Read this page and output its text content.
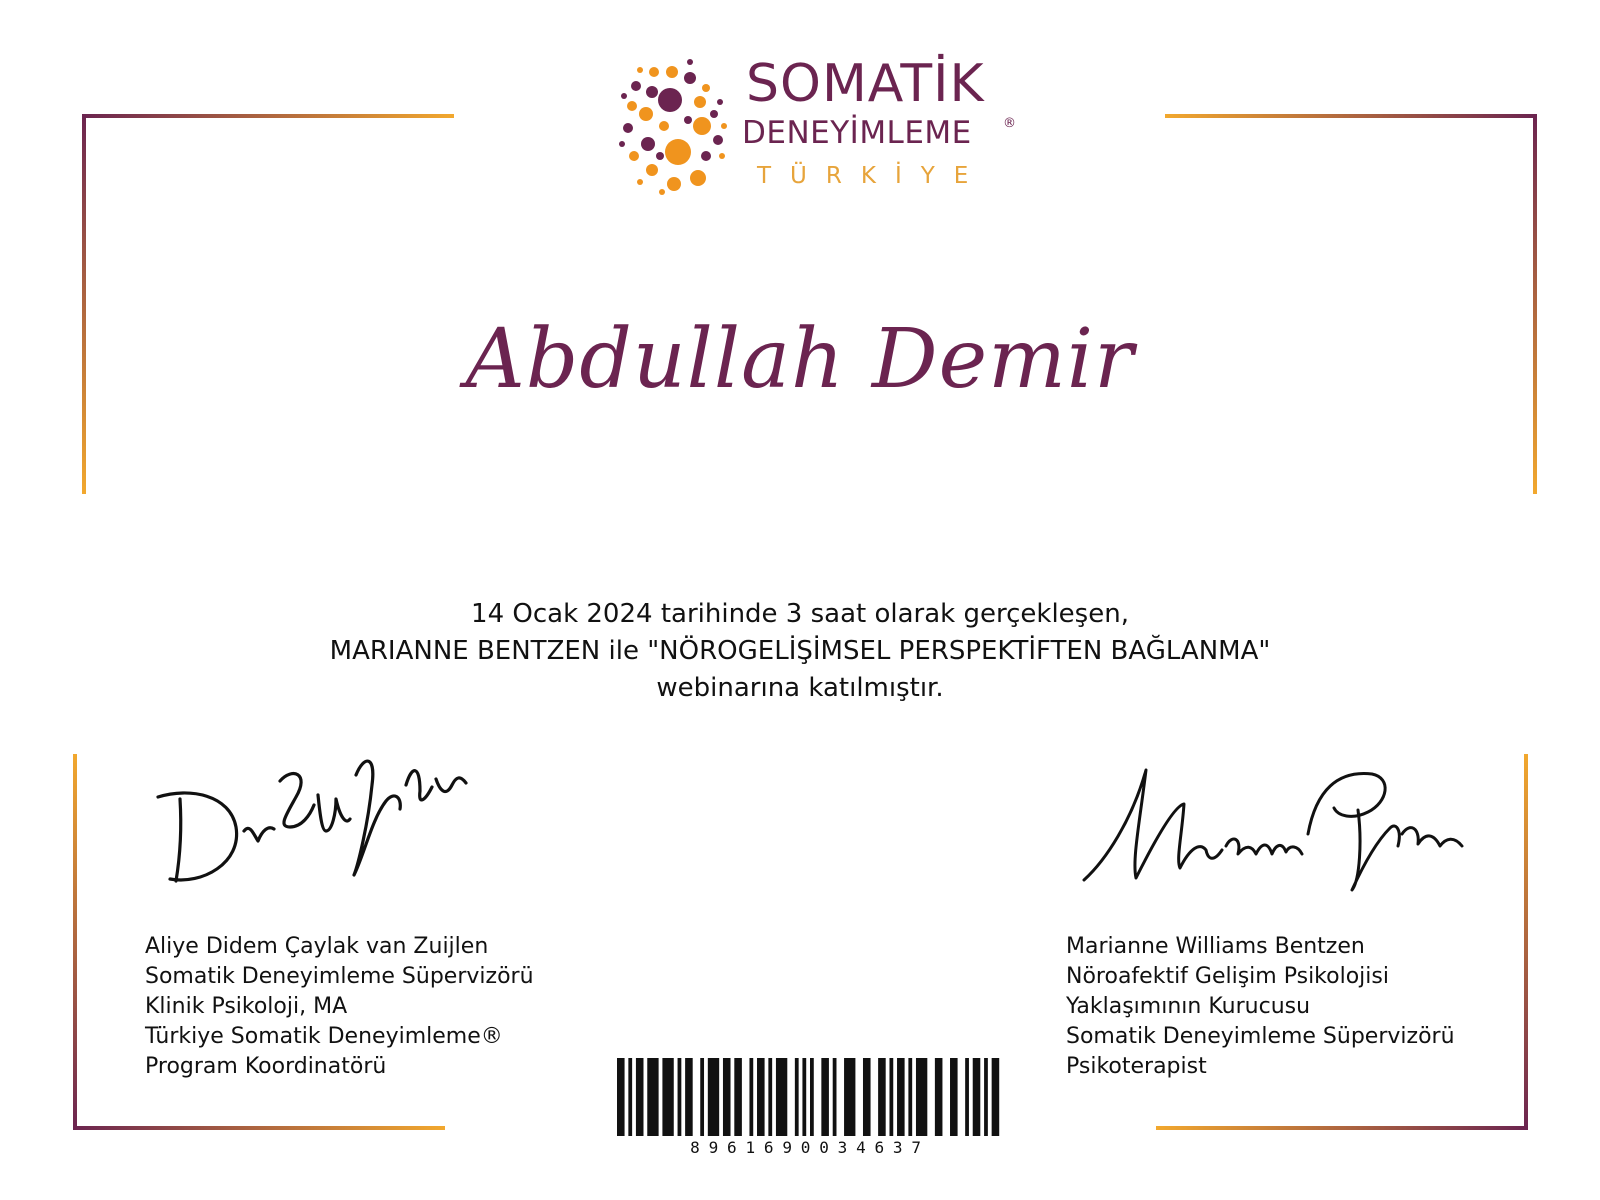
SOMATİK
DENEYİMLEME ®
TÜRKİYE
Abdullah Demir
14 Ocak 2024 tarihinde 3 saat olarak gerçekleşen,
MARIANNE BENTZEN ile "NÖROGELİŞİMSEL PERSPEKTİFTEN BAĞLANMA"
webinarına katılmıştır.
Aliye Didem Çaylak van Zuijlen
Somatik Deneyimleme Süpervizörü
Klinik Psikoloji, MA
Türkiye Somatik Deneyimleme®
Program Koordinatörü
Marianne Williams Bentzen
Nöroafektif Gelişim Psikolojisi
Yaklaşımının Kurucusu
Somatik Deneyimleme Süpervizörü
Psikoterapist
8961690034637
